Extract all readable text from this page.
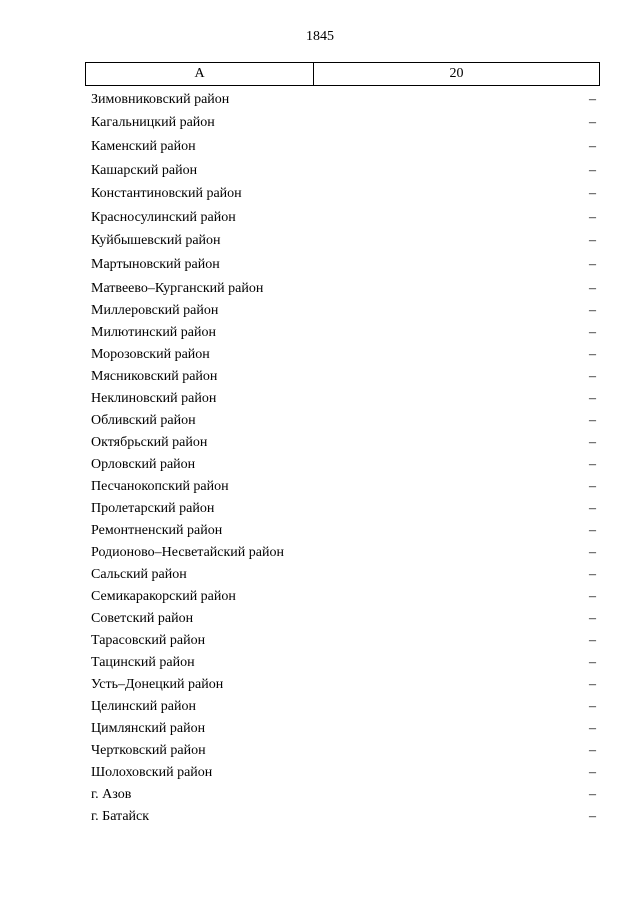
1845
А	20
Зимовниковский район	–
Кагальницкий район	–
Каменский район	–
Кашарский район	–
Константиновский район	–
Красносулинский район	–
Куйбышевский район	–
Мартыновский район	–
Матвеево–Курганский район	–
Миллеровский район	–
Милютинский район	–
Морозовский район	–
Мясниковский район	–
Неклиновский район	–
Обливский район	–
Октябрьский район	–
Орловский район	–
Песчанокопский район	–
Пролетарский район	–
Ремонтненский район	–
Родионово–Несветайский район	–
Сальский район	–
Семикаракорский район	–
Советский район	–
Тарасовский район	–
Тацинский район	–
Усть–Донецкий район	–
Целинский район	–
Цимлянский район	–
Чертковский район	–
Шолоховский район	–
г. Азов	–
г. Батайск	–
